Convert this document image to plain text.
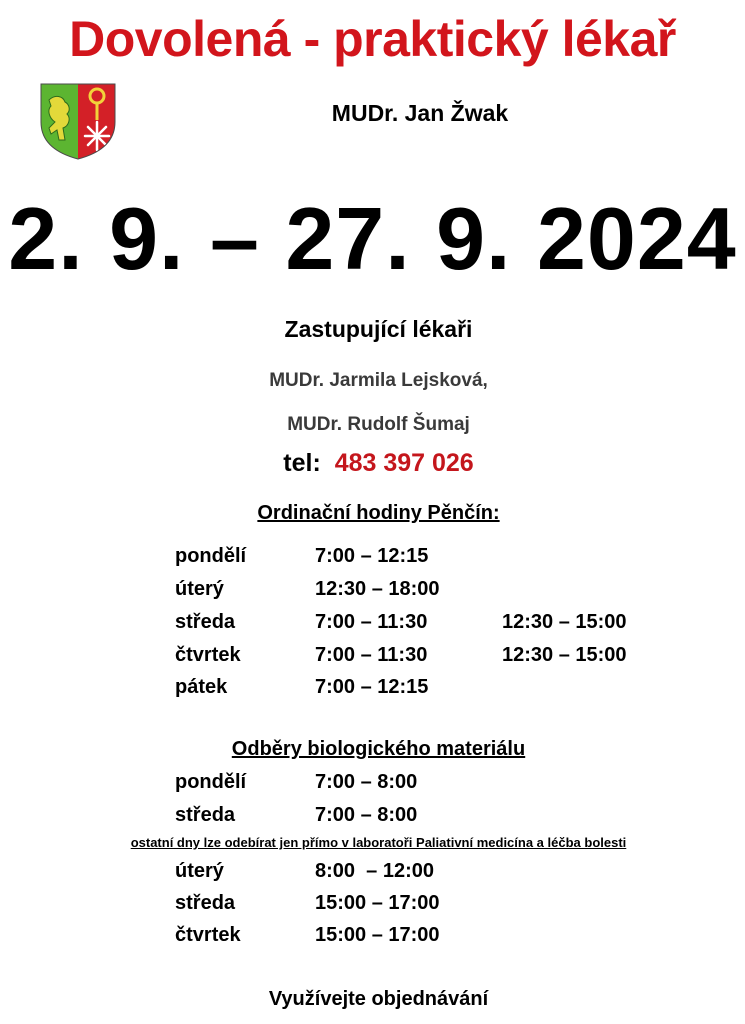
Dovolená - praktický lékař
MUDr. Jan Žwak
2. 9. – 27. 9. 2024
Zastupující lékaři
MUDr. Jarmila Lejsková,
MUDr. Rudolf Šumaj
tel: 483 397 026
Ordinační hodiny Pěnčín:
pondělí	7:00 – 12:15
úterý	12:30 – 18:00
středa	7:00 – 11:30	12:30 – 15:00
čtvrtek	7:00 – 11:30	12:30 – 15:00
pátek	7:00 – 12:15
Odběry biologického materiálu
pondělí	7:00 – 8:00
středa	7:00 – 8:00
ostatní dny lze odebírat jen přímo v laboratoři Paliativní medicína a léčba bolesti
úterý	8:00  – 12:00
středa	15:00 – 17:00
čtvrtek	15:00 – 17:00
Využívejte objednávání
